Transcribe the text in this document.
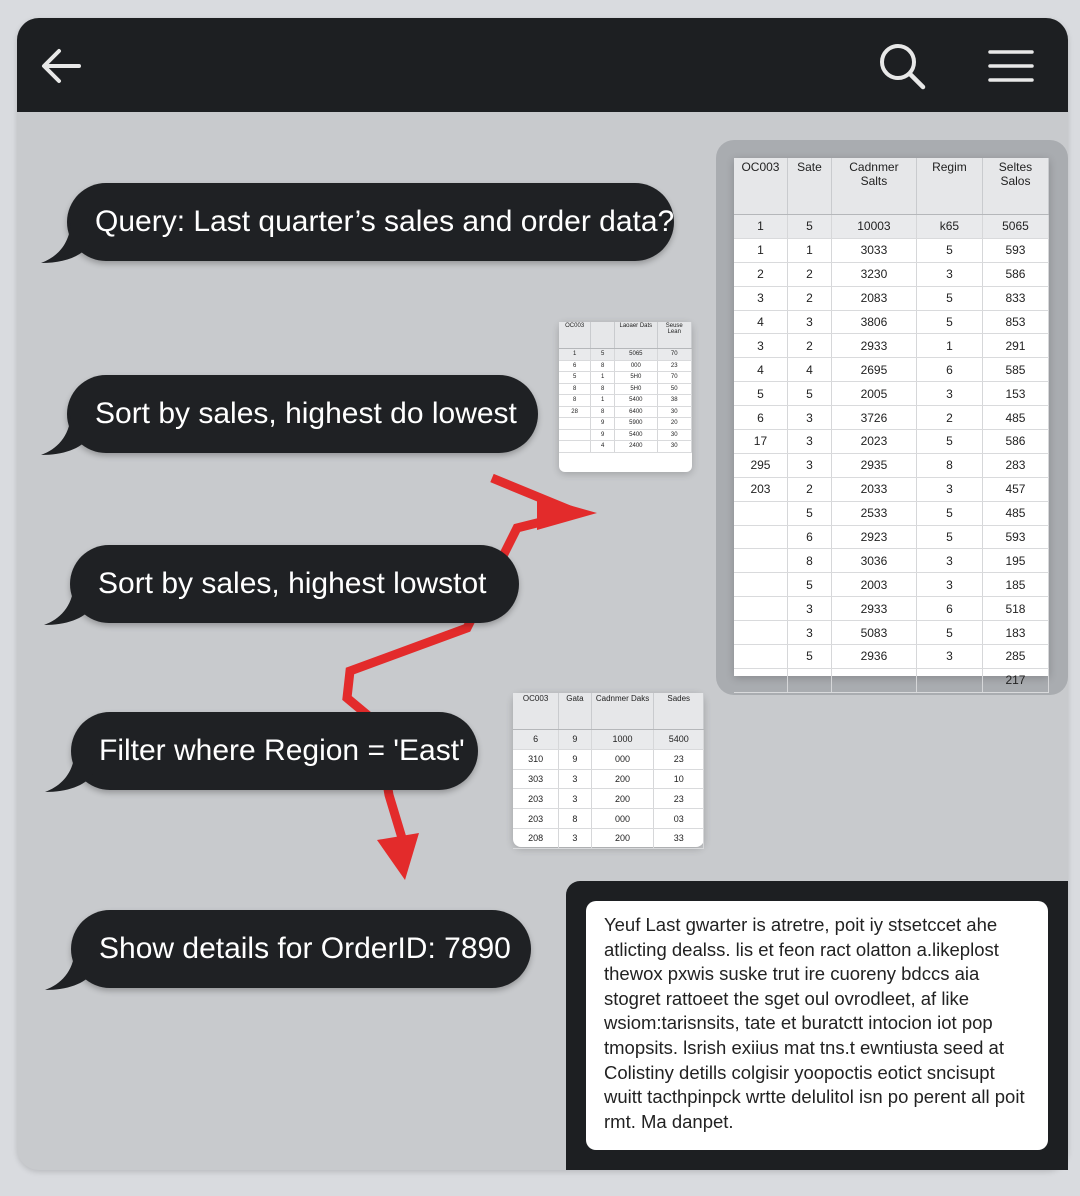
Query: Last quarter’s sales and order data?
Sort by sales, highest do lowest
Sort by sales, highest lowstot
Filter where Region = 'East'
Show details for OrderID: 7890
OC003		Laoaer Dats	Seuse Lean
1	5	5065	70
6	8	000	23
5	1	5H0	70
8	8	5H0	50
8	1	5400	38
28	8	6400	30
	9	5900	20
	9	5400	30
	4	2400	30
OC003	Gata	Cadnmer Daks	Sades
6	9	1000	5400
310	9	000	23
303	3	200	10
203	3	200	23
203	8	000	03
208	3	200	33
OC003	Sate	Cadnmer Salts	Regim	Seltes Salos
1	5	10003	k65	5065
1	1	3033	5	593
2	2	3230	3	586
3	2	2083	5	833
4	3	3806	5	853
3	2	2933	1	291
4	4	2695	6	585
5	5	2005	3	153
6	3	3726	2	485
17	3	2023	5	586
295	3	2935	8	283
203	2	2033	3	457
	5	2533	5	485
	6	2923	5	593
	8	3036	3	195
	5	2003	3	185
	3	2933	6	518
	3	5083	5	183
	5	2936	3	285
				217
Yeuf Last gwarter is atretre, poit iy stsetccet ahe atlicting dealss. lis et feon ract olatton a.likeplost thewox pxwis suske trut ire cuoreny bdccs aia stogret rattoeet the sget oul ovrodleet, af like wsiom:tarisnsits, tate et buratctt intocion iot pop tmopsits. lsrish exiius mat tns.t ewntiusta seed at Colistiny detills colgisir yoopoctis eotict sncisupt wuitt tacthpinpck wrtte delulitol isn po perent all poit rmt. Ma danpet.
